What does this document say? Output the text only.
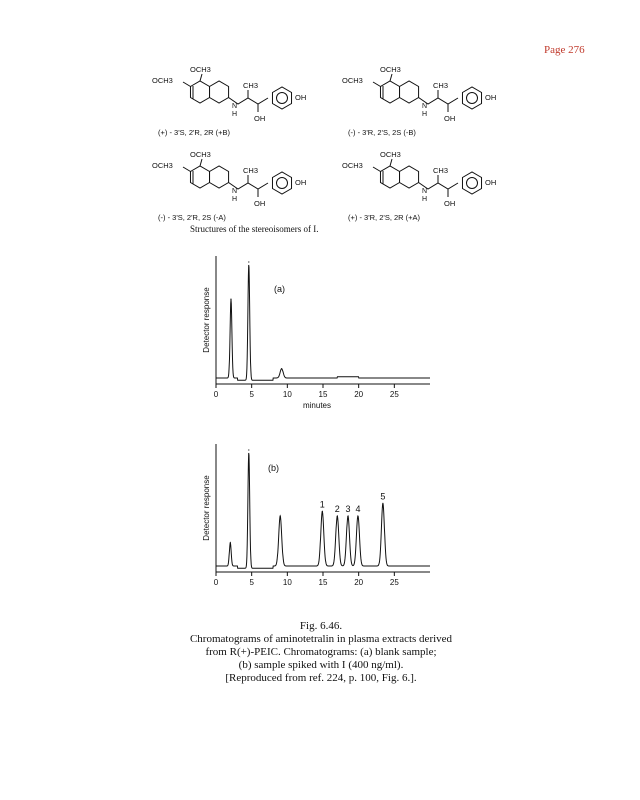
Page 276
OCH3
OCH3
CH3
OH
OH
N
H
(+) - 3'S, 2'R, 2R (+B)
OCH3
OCH3
CH3
OH
OH
N
H
(-) - 3'R, 2'S, 2S (-B)
OCH3
OCH3
CH3
OH
OH
N
H
(-) - 3'S, 2'R, 2S (-A)
OCH3
OCH3
CH3
OH
OH
N
H
(+) - 3'R, 2'S, 2R (+A)
Structures of the stereoisomers of I.
0	5	10	15	20	25
(a)
Detector response
minutes
0	5	10	15	20	25
(b)
Detector response	1 2 3 4
5
Fig. 6.46.
Chromatograms of aminotetralin in plasma extracts derived
from R(+)-PEIC. Chromatograms: (a) blank sample;
(b) sample spiked with I (400 ng/ml).
[Reproduced from ref. 224, p. 100, Fig. 6.].
